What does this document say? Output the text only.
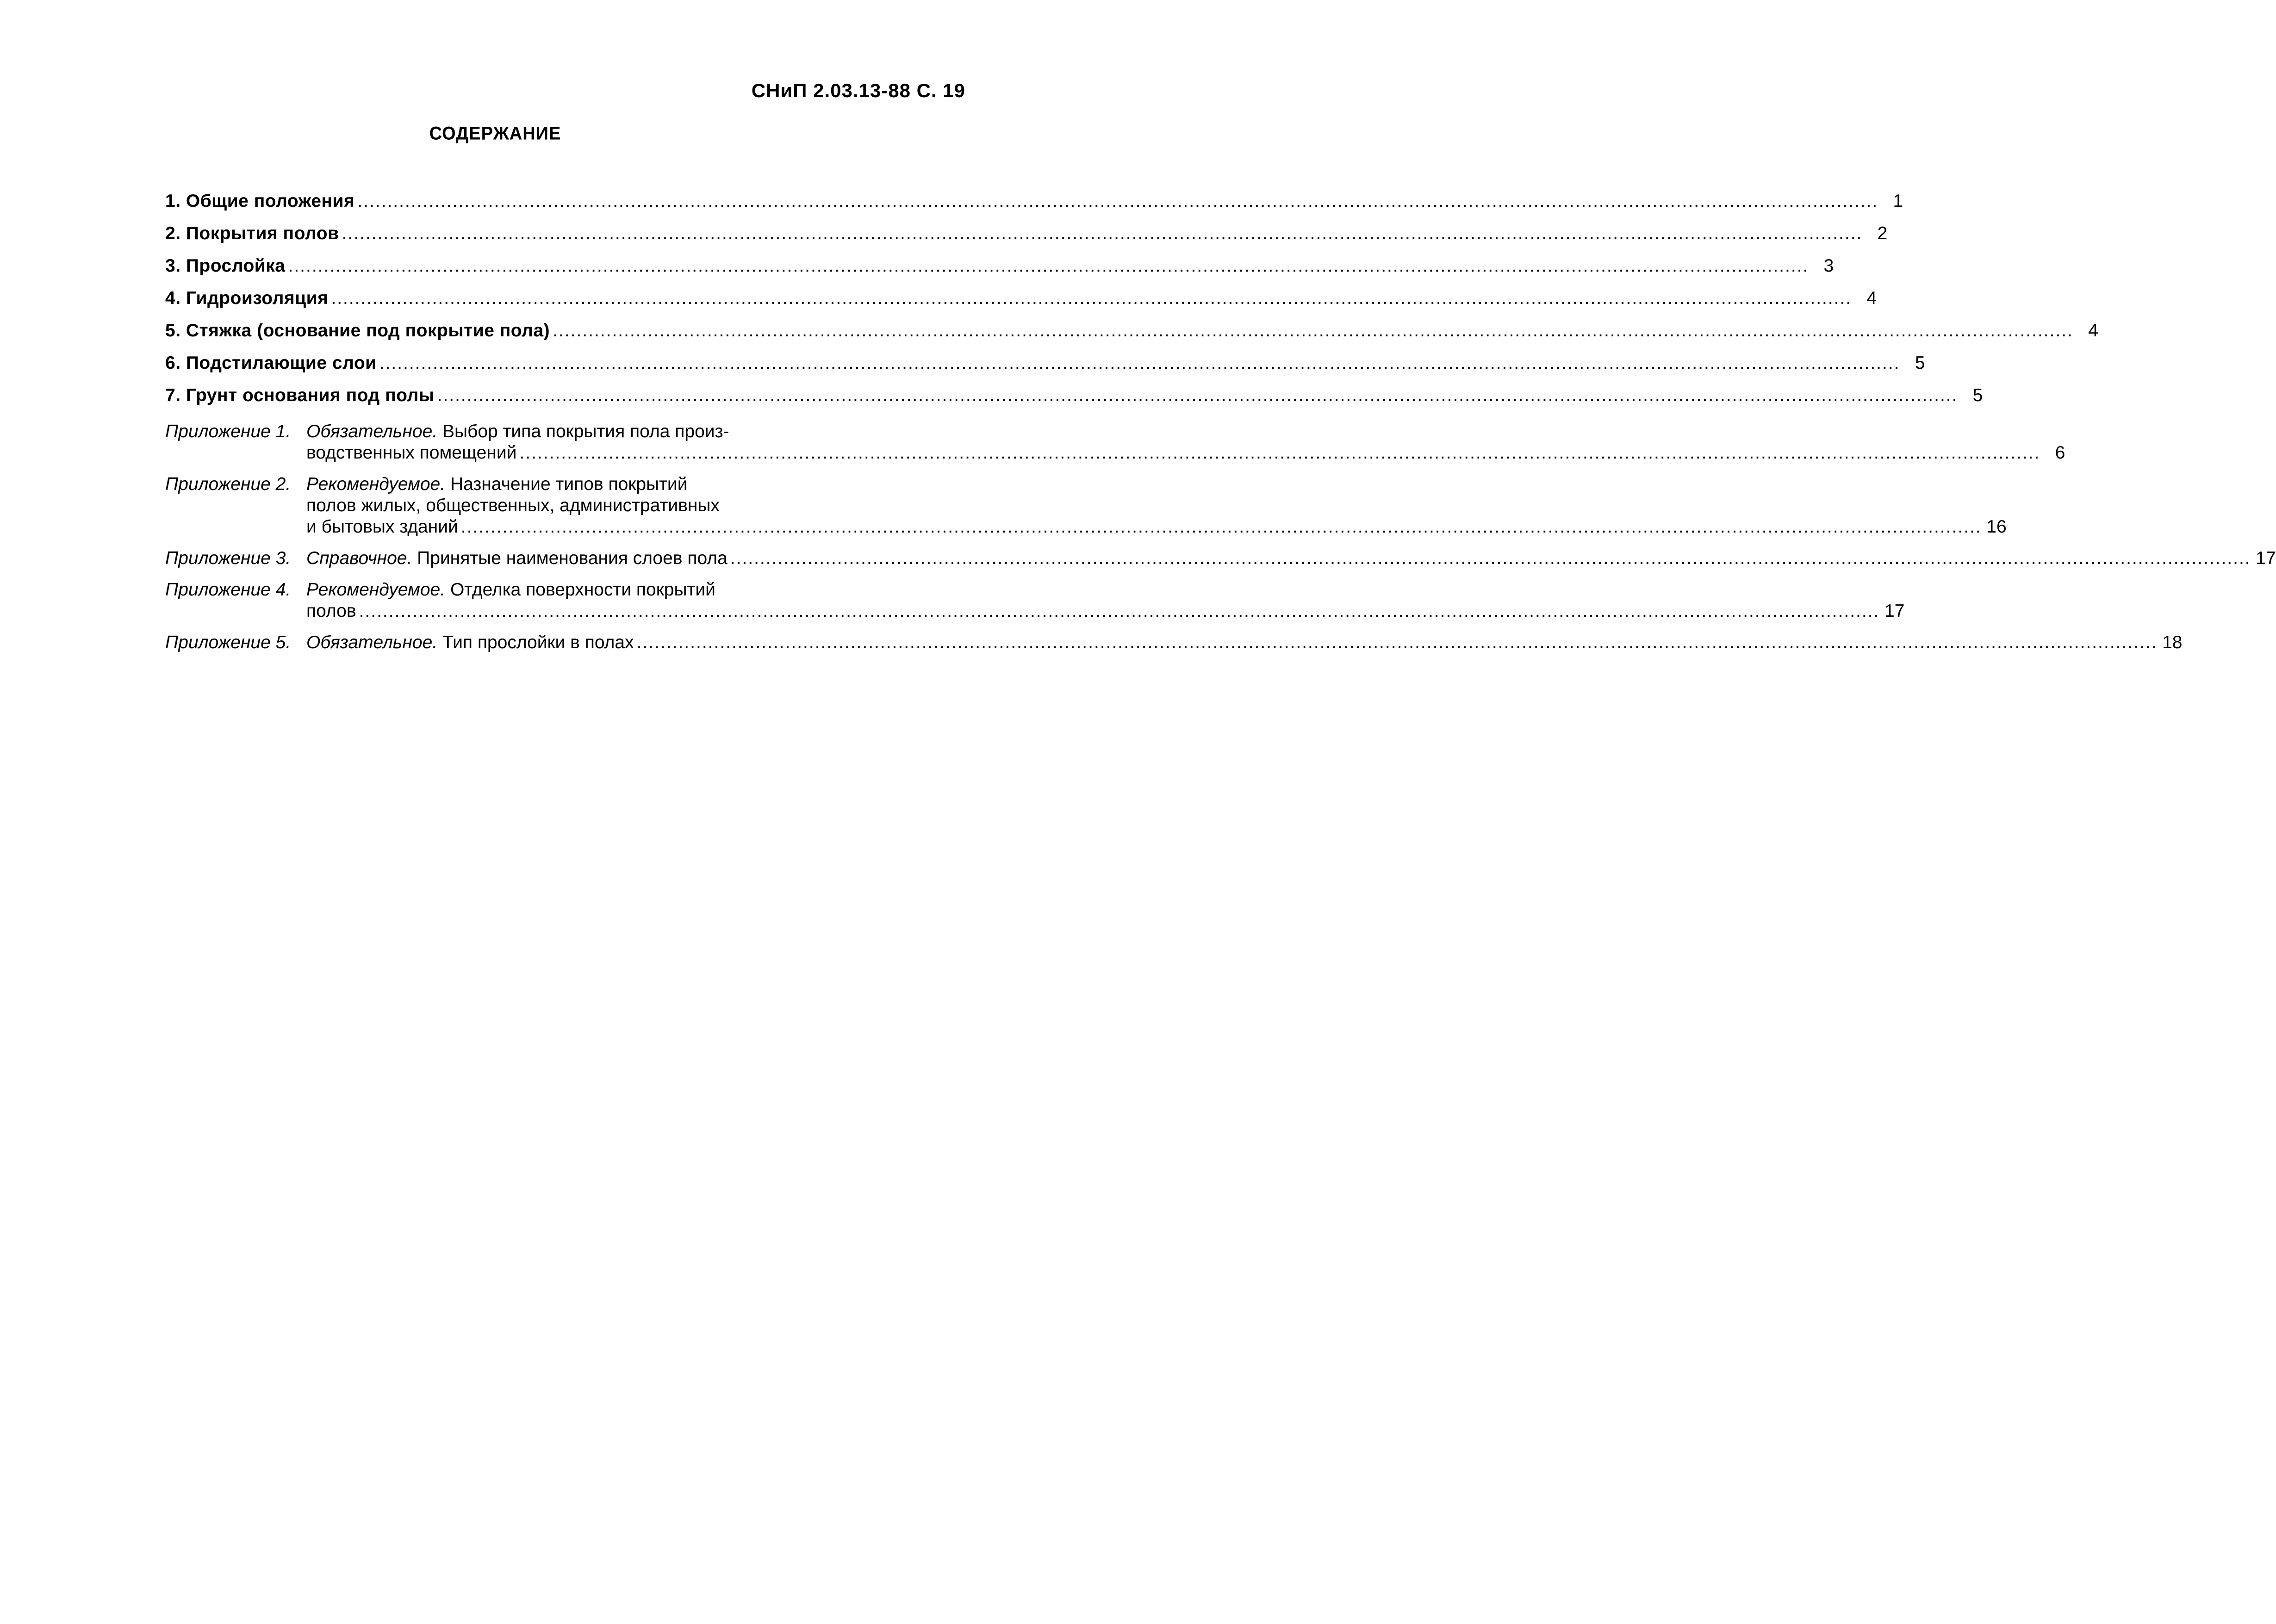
СНиП 2.03.13-88 С. 19
СОДЕРЖАНИЕ
1. Общие положения .....	1
2. Покрытия полов .....	2
3. Прослойка .....	3
4. Гидроизоляция .....	4
5. Стяжка (основание под покрытие пола) .....	4
6. Подстилающие слои .....	5
7. Грунт основания под полы .....	5
Приложение 1. Обязательное. Выбор типа покрытия пола произ-
водственных помещений .....	6
Приложение 2. Рекомендуемое. Назначение типов покрытий
полов жилых, общественных, административных
и бытовых зданий .....	16
Приложение 3. Справочное. Принятые наименования слоев пола .....	17
Приложение 4. Рекомендуемое. Отделка поверхности покрытий
полов .....	17
Приложение 5. Обязательное. Тип прослойки в полах .....	18
